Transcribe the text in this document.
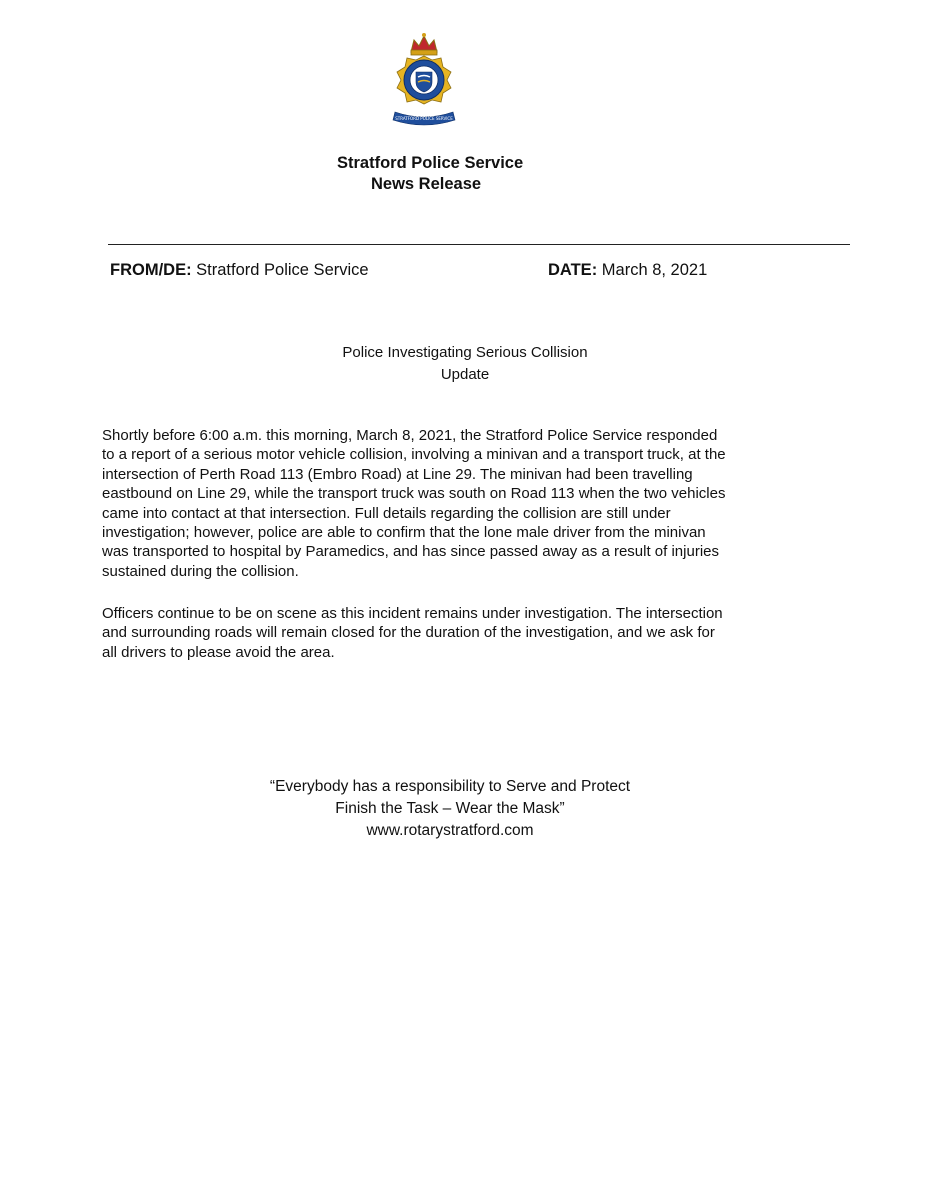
STRATFORD POLICE SERVICE
Stratford Police Service
News Release
FROM/DE: Stratford Police Service	DATE: March 8, 2021
Police Investigating Serious Collision
Update
Shortly before 6:00 a.m. this morning, March 8, 2021, the Stratford Police Service responded
to a report of a serious motor vehicle collision, involving a minivan and a transport truck, at the
intersection of Perth Road 113 (Embro Road) at Line 29. The minivan had been travelling
eastbound on Line 29, while the transport truck was south on Road 113 when the two vehicles
came into contact at that intersection. Full details regarding the collision are still under
investigation; however, police are able to confirm that the lone male driver from the minivan
was transported to hospital by Paramedics, and has since passed away as a result of injuries
sustained during the collision.
Officers continue to be on scene as this incident remains under investigation. The intersection
and surrounding roads will remain closed for the duration of the investigation, and we ask for
all drivers to please avoid the area.
“Everybody has a responsibility to Serve and Protect
Finish the Task – Wear the Mask”
www.rotarystratford.com
